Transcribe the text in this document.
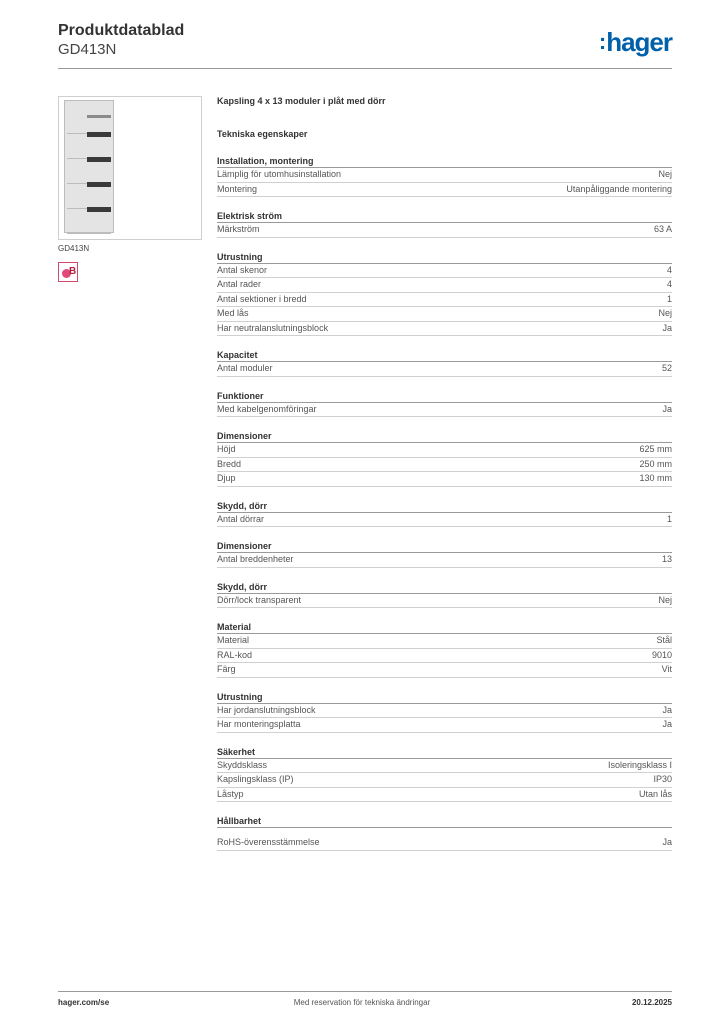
Produktdatablad
GD413N	:hager
GD413N
B
Kapsling 4 x 13 moduler i plåt med dörr
Tekniska egenskaper
Installation, montering
Lämplig för utomhusinstallation	Nej
Montering	Utanpåliggande montering
Elektrisk ström
Märkström	63 A
Utrustning
Antal skenor	4
Antal rader	4
Antal sektioner i bredd	1
Med lås	Nej
Har neutralanslutningsblock	Ja
Kapacitet
Antal moduler	52
Funktioner
Med kabelgenomföringar	Ja
Dimensioner
Höjd	625 mm
Bredd	250 mm
Djup	130 mm
Skydd, dörr
Antal dörrar	1
Dimensioner
Antal breddenheter	13
Skydd, dörr
Dörr/lock transparent	Nej
Material
Material	Stål
RAL-kod	9010
Färg	Vit
Utrustning
Har jordanslutningsblock	Ja
Har monteringsplatta	Ja
Säkerhet
Skyddsklass	Isoleringsklass I
Kapslingsklass (IP)	IP30
Låstyp	Utan lås
Hållbarhet
RoHS-överensstämmelse	Ja
hager.com/se	Med reservation för tekniska ändringar	20.12.2025
